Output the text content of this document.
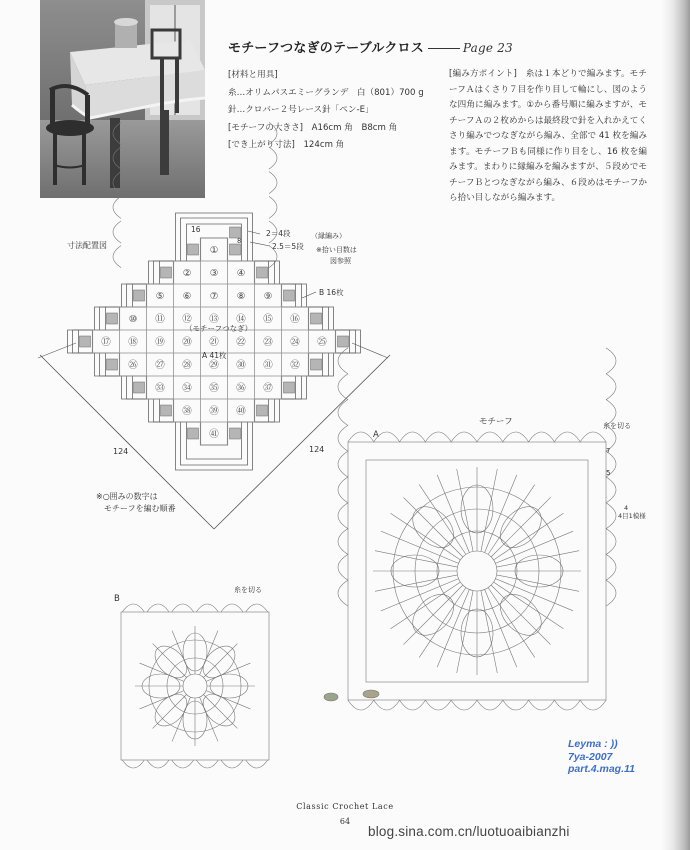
モチーフつなぎのテーブルクロス	Page 23
[材料と用具]
糸…オリムパスエミーグランデ　白（801）700 g
針…クロバー２号レース針「ペン-E」
[モチーフの大きさ]　A16cm 角　B8cm 角
[でき上がり寸法]　124cm 角
[編み方ポイント]　糸は１本どりで編みます。モチーフＡはくさり７目を作り目して輪にし、図のような四角に編みます。①から番号順に編みますが、モチーフＡの２枚めからは最終段で針を入れかえてくさり編みでつなぎながら編み、全部で 41 枚を編みます。モチーフＢも同様に作り目をし、16 枚を編みます。まわりに縁編みを編みますが、５段めでモチーフＢとつなぎながら編み、６段めはモチーフから拾い目しながら編みます。
寸法配置図
※○囲みの数字は
モチーフを編む順番
①
② ③ ④
⑤ ⑥ ⑦ ⑧ ⑨
⑩ ⑪ ⑫ ⑬ ⑭ ⑮ ⑯
⑰ ⑱ ⑲ ⑳ ㉑ ㉒ ㉓ ㉔ ㉕
㉖ ㉗ ㉘ ㉙ ㉚ ㉛ ㉜
㉝ ㉞ ㉟ ㊱ ㊲
㊳ ㊴ ㊵
㊶
124	124
16	2＝4段	（縁編み）
2.5＝5段 ※拾い目数は
図参照
B 16枚
（モチーフつなぎ）
A 41枚
8
モチーフ
A
糸を切る
7
5
4
4目1模様
B
糸を切る
Leyma : ))
7ya-2007
part.4.mag.11
Classic Crochet Lace
64
blog.sina.com.cn/luotuoaibianzhi
